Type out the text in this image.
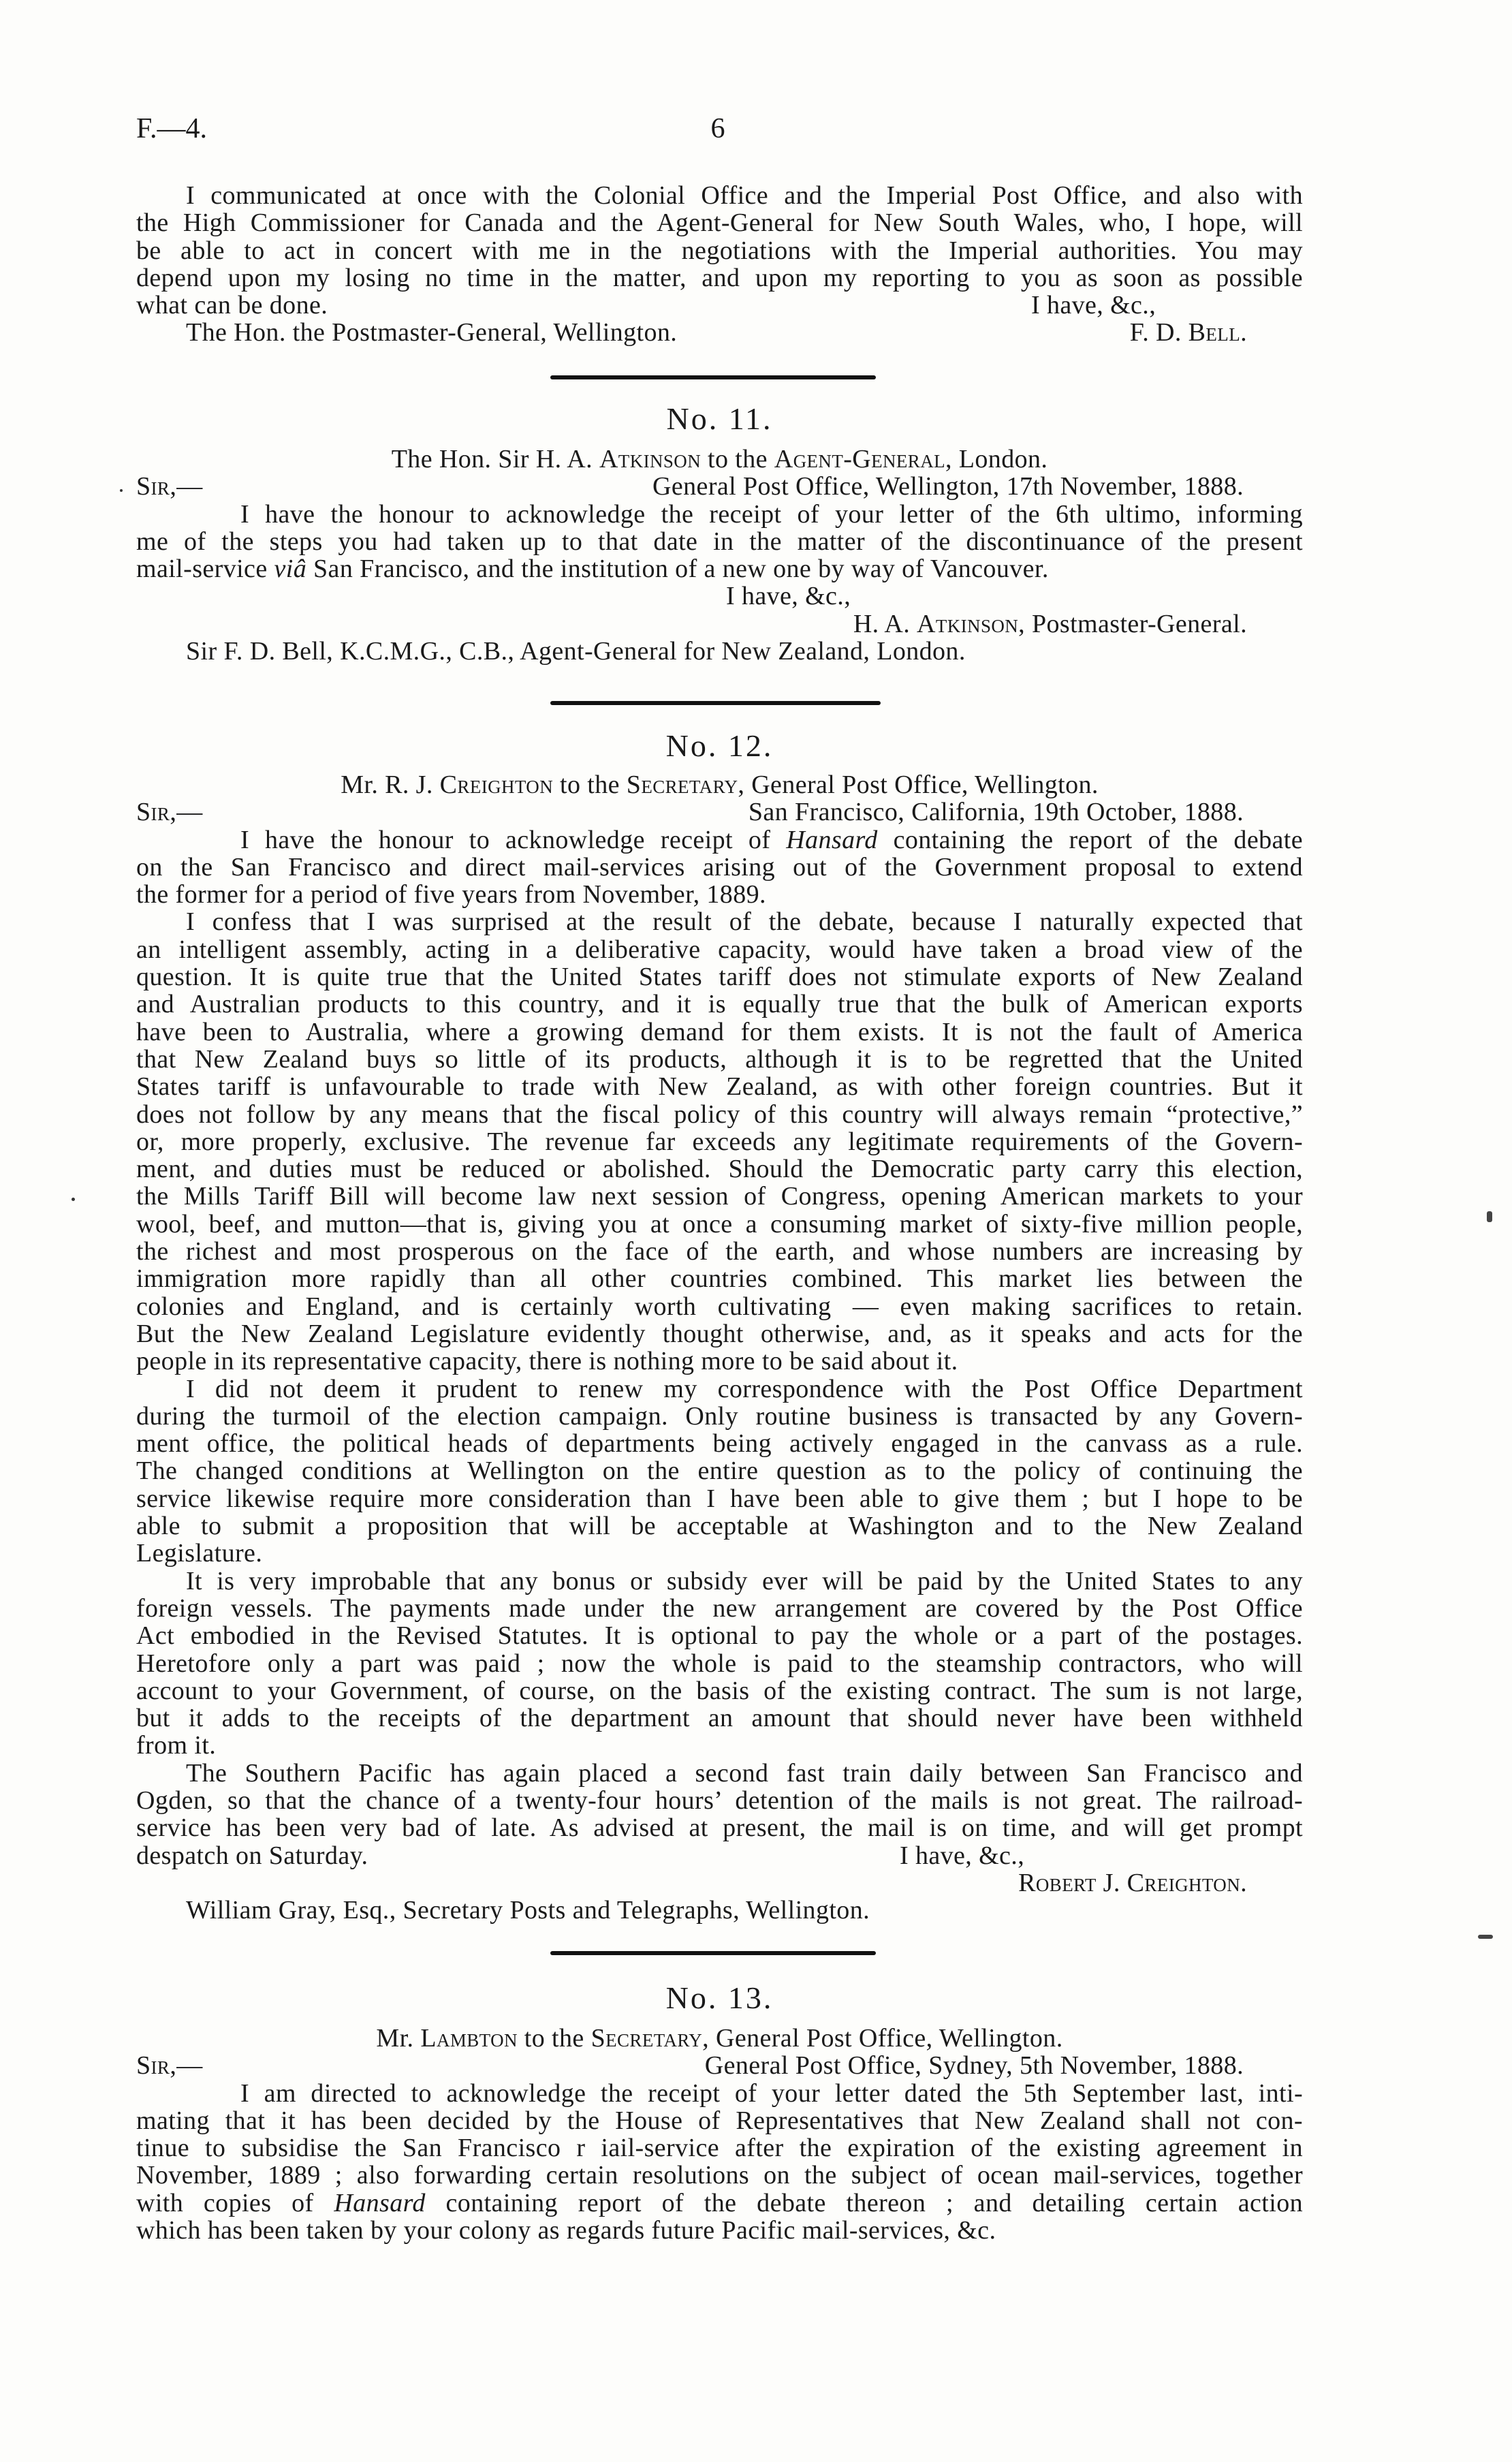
F.—4.	6
I communicated at once with the Colonial Office and the Imperial Post Office, and also with
the High Commissioner for Canada and the Agent-General for New South Wales, who, I hope, will
be able to act in concert with me in the negotiations with the Imperial authorities. You may
depend upon my losing no time in the matter, and upon my reporting to you as soon as possible
what can be done.	I have, &c.,
The Hon. the Postmaster-General, Wellington.	F. D. Bell.
No. 11.
The Hon. Sir H. A. Atkinson to the Agent-General, London.
Sir,—	General Post Office, Wellington, 17th November, 1888.
I have the honour to acknowledge the receipt of your letter of the 6th ultimo, informing
me of the steps you had taken up to that date in the matter of the discontinuance of the present
mail-service viâ San Francisco, and the institution of a new one by way of Vancouver.
I have, &c.,
H. A. Atkinson, Postmaster-General.
Sir F. D. Bell, K.C.M.G., C.B., Agent-General for New Zealand, London.
No. 12.
Mr. R. J. Creighton to the Secretary, General Post Office, Wellington.
Sir,—	San Francisco, California, 19th October, 1888.
I have the honour to acknowledge receipt of Hansard containing the report of the debate
on the San Francisco and direct mail-services arising out of the Government proposal to extend
the former for a period of five years from November, 1889.
I confess that I was surprised at the result of the debate, because I naturally expected that
an intelligent assembly, acting in a deliberative capacity, would have taken a broad view of the
question. It is quite true that the United States tariff does not stimulate exports of New Zealand
and Australian products to this country, and it is equally true that the bulk of American exports
have been to Australia, where a growing demand for them exists. It is not the fault of America
that New Zealand buys so little of its products, although it is to be regretted that the United
States tariff is unfavourable to trade with New Zealand, as with other foreign countries. But it
does not follow by any means that the fiscal policy of this country will always remain “protective,”
or, more properly, exclusive. The revenue far exceeds any legitimate requirements of the Govern-
ment, and duties must be reduced or abolished. Should the Democratic party carry this election,
the Mills Tariff Bill will become law next session of Congress, opening American markets to your
wool, beef, and mutton—that is, giving you at once a consuming market of sixty-five million people,
the richest and most prosperous on the face of the earth, and whose numbers are increasing by
immigration more rapidly than all other countries combined. This market lies between the
colonies and England, and is certainly worth cultivating — even making sacrifices to retain.
But the New Zealand Legislature evidently thought otherwise, and, as it speaks and acts for the
people in its representative capacity, there is nothing more to be said about it.
I did not deem it prudent to renew my correspondence with the Post Office Department
during the turmoil of the election campaign. Only routine business is transacted by any Govern-
ment office, the political heads of departments being actively engaged in the canvass as a rule.
The changed conditions at Wellington on the entire question as to the policy of continuing the
service likewise require more consideration than I have been able to give them ; but I hope to be
able to submit a proposition that will be acceptable at Washington and to the New Zealand
Legislature.
It is very improbable that any bonus or subsidy ever will be paid by the United States to any
foreign vessels. The payments made under the new arrangement are covered by the Post Office
Act embodied in the Revised Statutes. It is optional to pay the whole or a part of the postages.
Heretofore only a part was paid ; now the whole is paid to the steamship contractors, who will
account to your Government, of course, on the basis of the existing contract. The sum is not large,
but it adds to the receipts of the department an amount that should never have been withheld
from it.
The Southern Pacific has again placed a second fast train daily between San Francisco and
Ogden, so that the chance of a twenty-four hours’ detention of the mails is not great. The railroad-
service has been very bad of late. As advised at present, the mail is on time, and will get prompt
despatch on Saturday.	I have, &c.,
Robert J. Creighton.
William Gray, Esq., Secretary Posts and Telegraphs, Wellington.
No. 13.
Mr. Lambton to the Secretary, General Post Office, Wellington.
Sir,—	General Post Office, Sydney, 5th November, 1888.
I am directed to acknowledge the receipt of your letter dated the 5th September last, inti-
mating that it has been decided by the House of Representatives that New Zealand shall not con-
tinue to subsidise the San Francisco r iail-service after the expiration of the existing agreement in
November, 1889 ; also forwarding certain resolutions on the subject of ocean mail-services, together
with copies of Hansard containing report of the debate thereon ; and detailing certain action
which has been taken by your colony as regards future Pacific mail-services, &c.
